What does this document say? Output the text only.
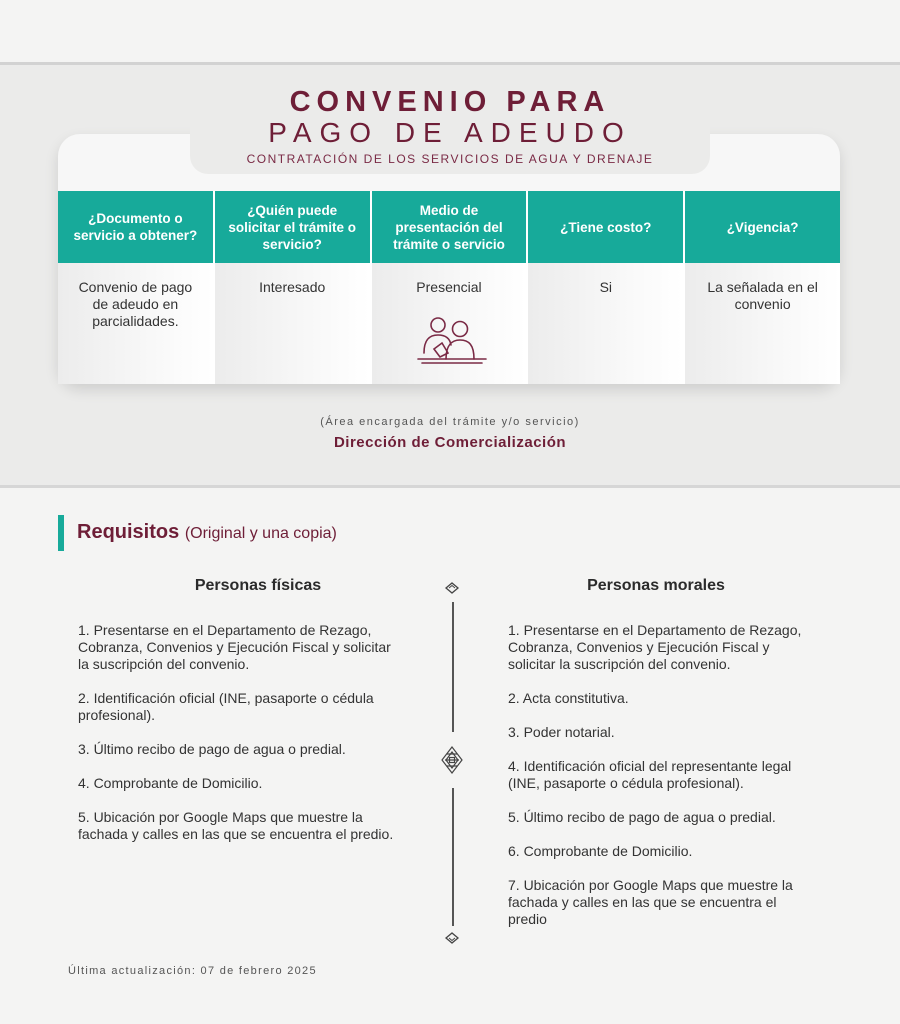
CONVENIO PARA
PAGO DE ADEUDO
CONTRATACIÓN DE LOS SERVICIOS DE AGUA Y DRENAJE
¿Documento o servicio a obtener?
Convenio de pago de adeudo en parcialidades.
¿Quién puede solicitar el trámite o servicio?
Interesado
Medio de presentación del trámite o servicio
Presencial
¿Tiene costo?
Si
¿Vigencia?
La señalada en el convenio
(Área encargada del trámite y/o servicio)
Dirección de Comercialización
Requisitos (Original y una copia)
Personas físicas	Personas morales
1. Presentarse en el Departamento de Rezago, Cobranza, Convenios y Ejecución Fiscal y solicitar la suscripción del convenio.
2. Identificación oficial (INE, pasaporte o cédula profesional).
3. Último recibo de pago de agua o predial.
4. Comprobante de Domicilio.
5. Ubicación por Google Maps que muestre la fachada y calles en las que se encuentra el predio.
1. Presentarse en el Departamento de Rezago, Cobranza, Convenios y Ejecución Fiscal y solicitar la suscripción del convenio.
2. Acta constitutiva.
3. Poder notarial.
4. Identificación oficial del representante legal (INE, pasaporte o cédula profesional).
5. Último recibo de pago de agua o predial.
6. Comprobante de Domicilio.
7. Ubicación por Google Maps que muestre la fachada y calles en las que se encuentra el predio
Última actualización: 07 de febrero 2025
